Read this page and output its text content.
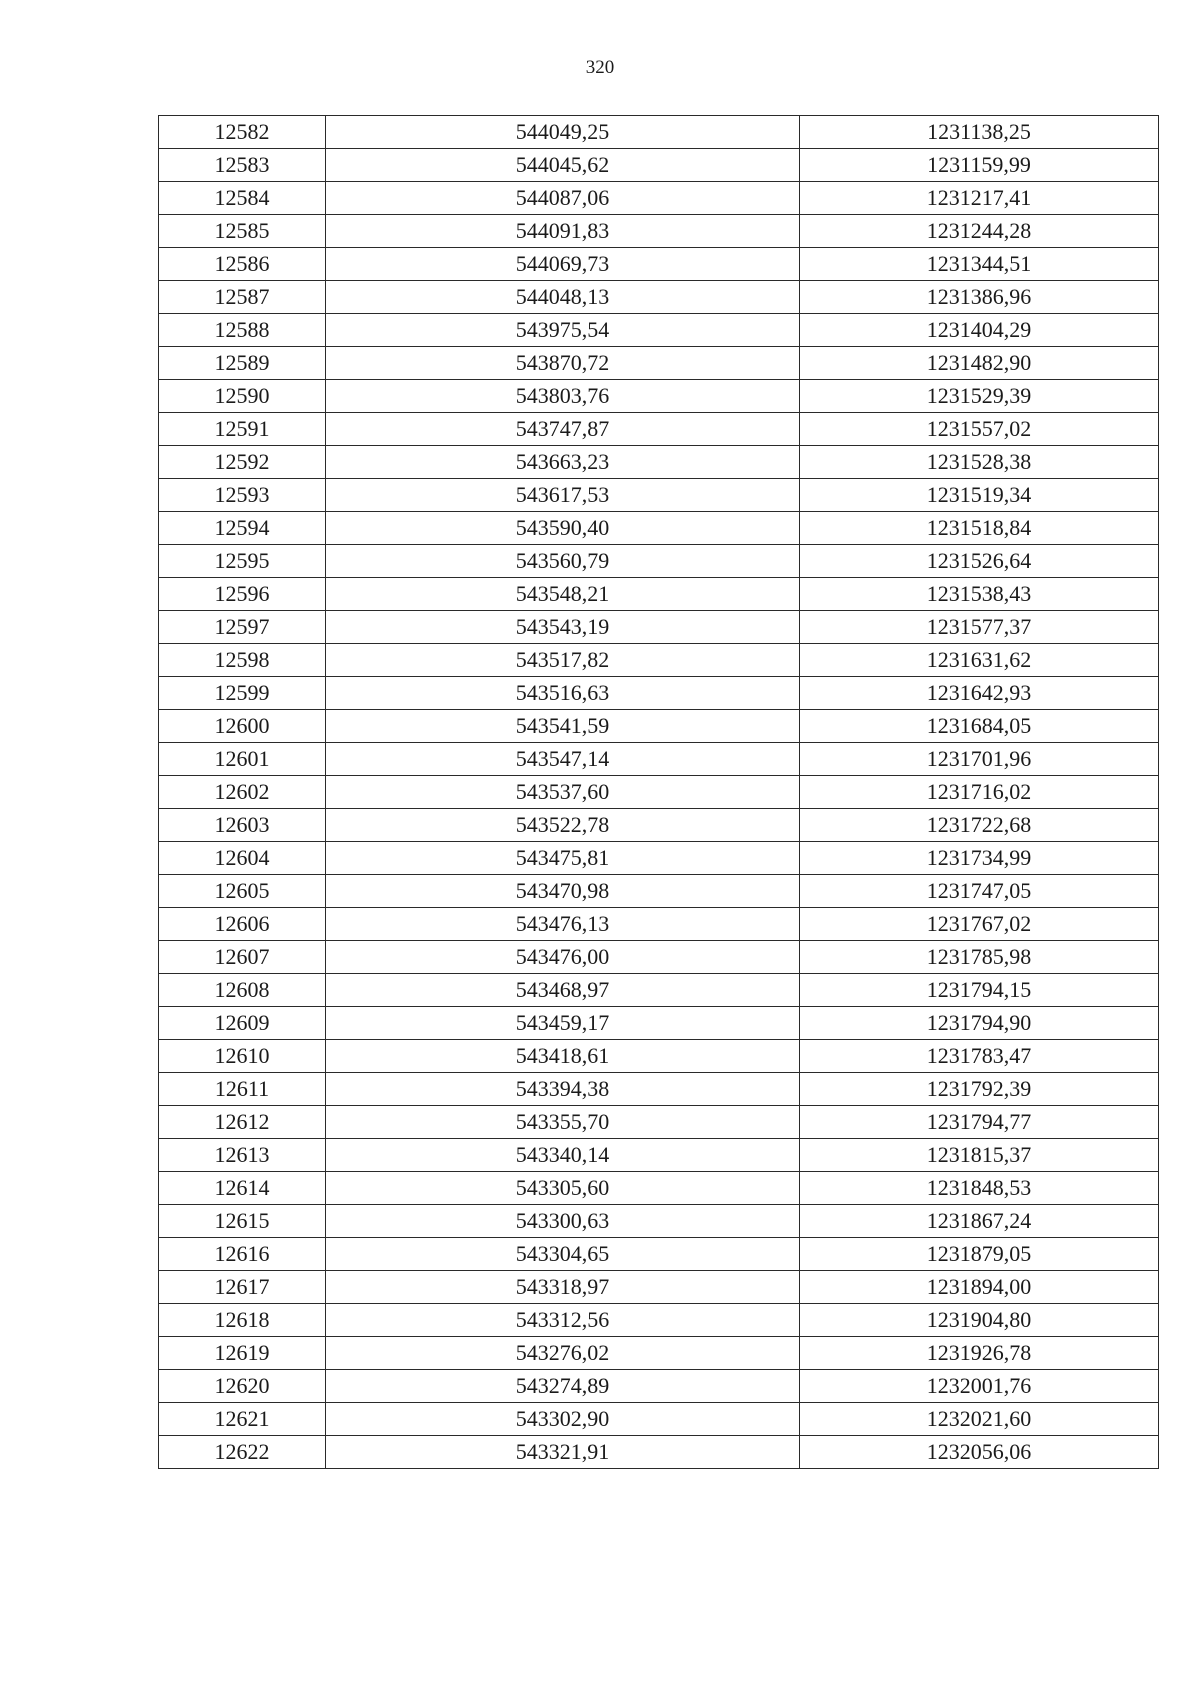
320
12582	544049,25	1231138,25
12583	544045,62	1231159,99
12584	544087,06	1231217,41
12585	544091,83	1231244,28
12586	544069,73	1231344,51
12587	544048,13	1231386,96
12588	543975,54	1231404,29
12589	543870,72	1231482,90
12590	543803,76	1231529,39
12591	543747,87	1231557,02
12592	543663,23	1231528,38
12593	543617,53	1231519,34
12594	543590,40	1231518,84
12595	543560,79	1231526,64
12596	543548,21	1231538,43
12597	543543,19	1231577,37
12598	543517,82	1231631,62
12599	543516,63	1231642,93
12600	543541,59	1231684,05
12601	543547,14	1231701,96
12602	543537,60	1231716,02
12603	543522,78	1231722,68
12604	543475,81	1231734,99
12605	543470,98	1231747,05
12606	543476,13	1231767,02
12607	543476,00	1231785,98
12608	543468,97	1231794,15
12609	543459,17	1231794,90
12610	543418,61	1231783,47
12611	543394,38	1231792,39
12612	543355,70	1231794,77
12613	543340,14	1231815,37
12614	543305,60	1231848,53
12615	543300,63	1231867,24
12616	543304,65	1231879,05
12617	543318,97	1231894,00
12618	543312,56	1231904,80
12619	543276,02	1231926,78
12620	543274,89	1232001,76
12621	543302,90	1232021,60
12622	543321,91	1232056,06
